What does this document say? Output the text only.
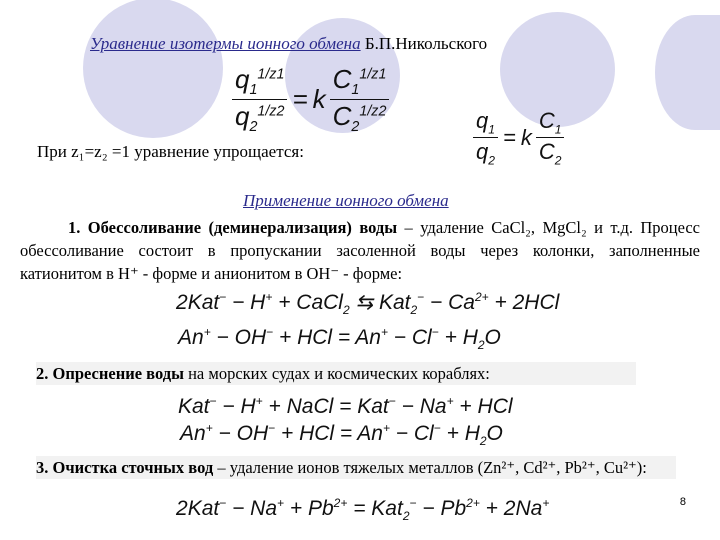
Уравнение изотермы ионного обмена Б.П.Никольского
$\frac{q_1^{1/z1}}{q_2^{1/z2}} = k \frac{C_1^{1/z1}}{C_2^{1/z2}}$
$\frac{q_1}{q_2} = k \frac{C_1}{C_2}$
При z₁=z₂ =1 уравнение упрощается:
Применение ионного обмена
1. Обессоливание (деминерализация) воды – удаление CaCl₂, MgCl₂ и т.д. Процесс обессоливание состоит в пропускании засоленной воды через колонки, заполненные катионитом в H⁺ - форме и анионитом в OH⁻ - форме:
2Kat− − H+ + CaCl$_2$ ⇆ $Kat_2^- - Ca^{2+} + 2HCl$
An+ − OH− + HCl = $An^+ - Cl^- + H_2O$
2. Опреснение воды на морских судах и космических кораблях:
Kat− − H+ + NaCl = Kat− − Na+ + HCl
An+ − OH− + HCl = $An^+ - Cl^- + H_2O$
3. Очистка сточных вод – удаление ионов тяжелых металлов (Zn²⁺, Cd²⁺, Pb²⁺, Cu²⁺):
$2Kat^- - Na^+ + Pb^{2+} = Kat_2^- - Pb^{2+} + 2Na^+$	8
